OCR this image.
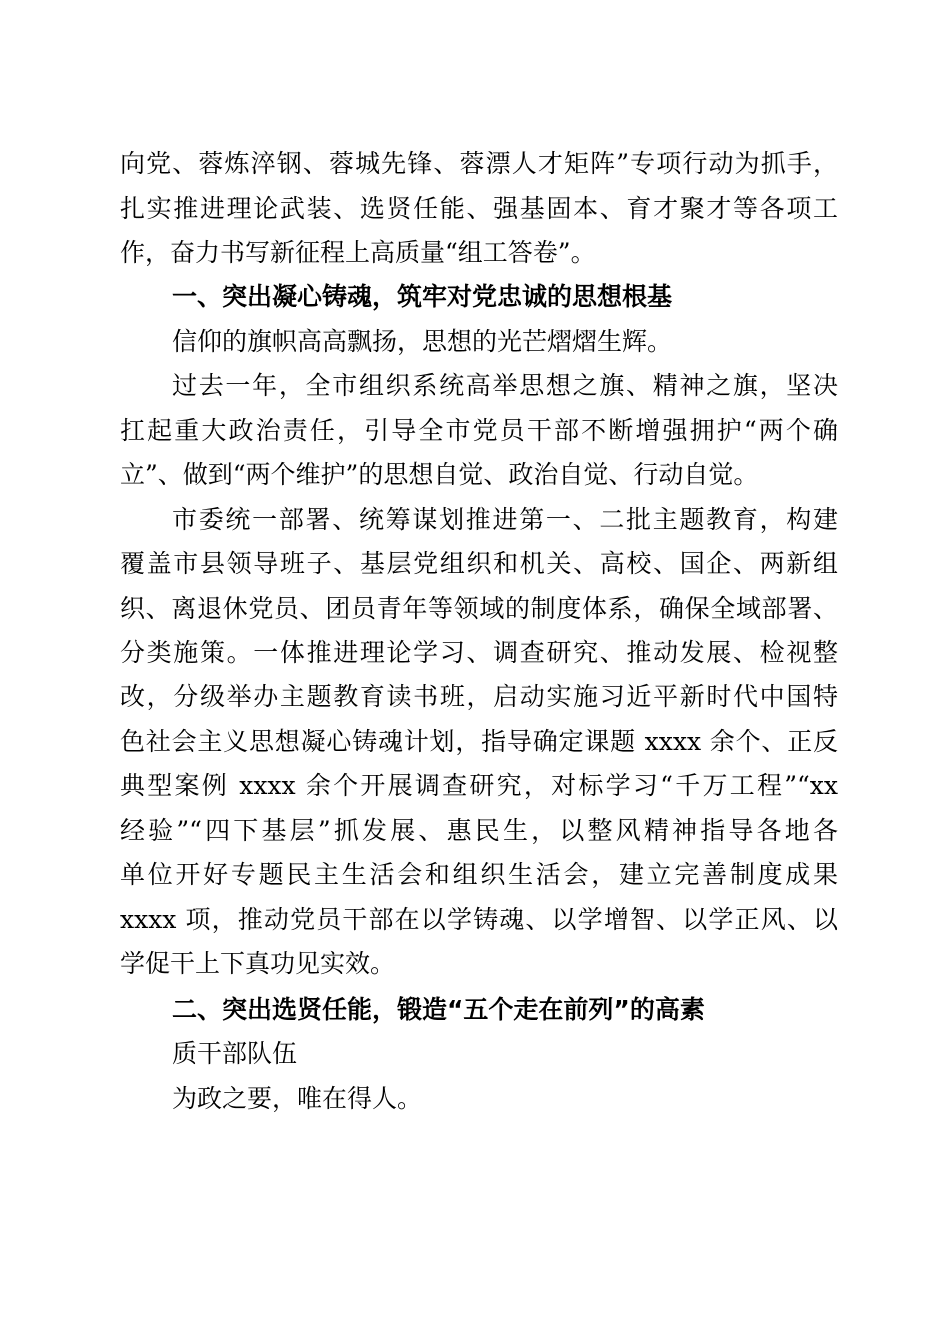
向党、蓉炼淬钢、蓉城先锋、蓉漂人才矩阵”专项行动为抓手，
扎实推进理论武装、选贤任能、强基固本、育才聚才等各项工
作，奋力书写新征程上高质量“组工答卷”。
一、突出凝心铸魂，筑牢对党忠诚的思想根基
信仰的旗帜高高飘扬，思想的光芒熠熠生辉。
过去一年，全市组织系统高举思想之旗、精神之旗，坚决
扛起重大政治责任，引导全市党员干部不断增强拥护“两个确
立”、做到“两个维护”的思想自觉、政治自觉、行动自觉。
市委统一部署、统筹谋划推进第一、二批主题教育，构建
覆盖市县领导班子、基层党组织和机关、高校、国企、两新组
织、离退休党员、团员青年等领域的制度体系，确保全域部署、
分类施策。一体推进理论学习、调查研究、推动发展、检视整
改，分级举办主题教育读书班，启动实施习近平新时代中国特
色社会主义思想凝心铸魂计划，指导确定课题 xxxx 余个、正反
典型案例 xxxx 余个开展调查研究，对标学习“千万工程”“xx
经验”“四下基层”抓发展、惠民生，以整风精神指导各地各
单位开好专题民主生活会和组织生活会，建立完善制度成果
xxxx 项，推动党员干部在以学铸魂、以学增智、以学正风、以
学促干上下真功见实效。
二、突出选贤任能，锻造“五个走在前列”的高素
质干部队伍
为政之要，唯在得人。
